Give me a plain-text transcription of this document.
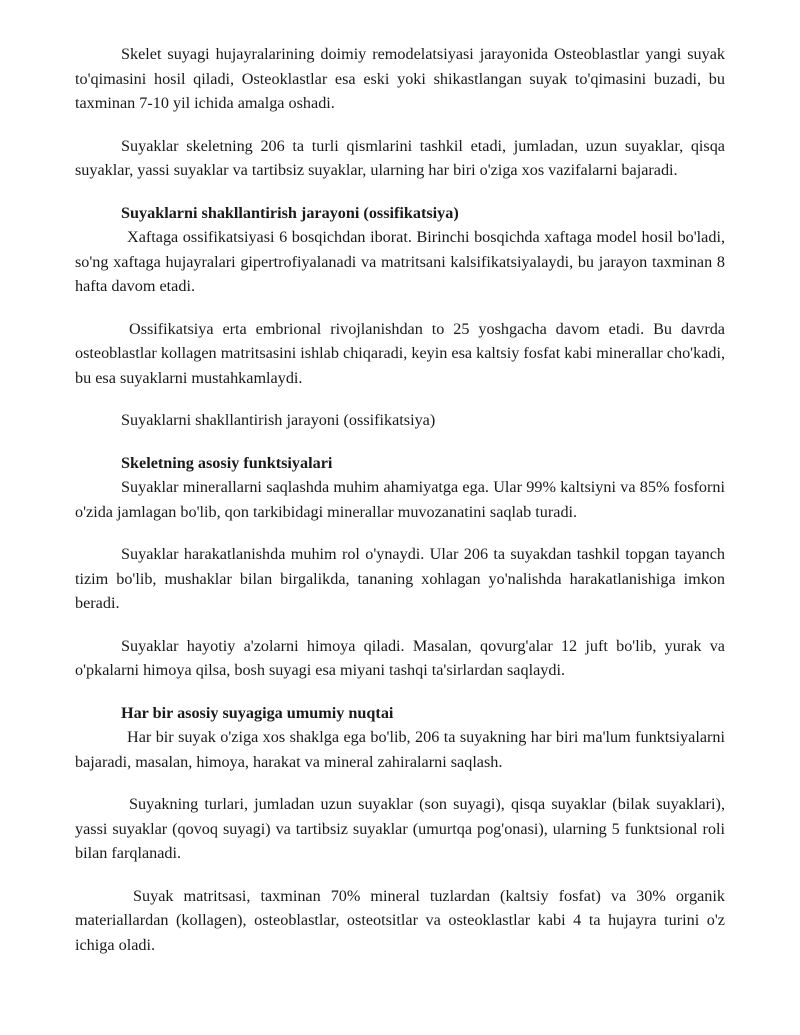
Skelet suyagi hujayralarining doimiy remodelatsiyasi jarayonida Osteoblastlar yangi suyak to'qimasini hosil qiladi, Osteoklastlar esa eski yoki shikastlangan suyak to'qimasini buzadi, bu taxminan 7-10 yil ichida amalga oshadi.

Suyaklar skeletning 206 ta turli qismlarini tashkil etadi, jumladan, uzun suyaklar, qisqa suyaklar, yassi suyaklar va tartibsiz suyaklar, ularning har biri o'ziga xos vazifalarni bajaradi.

Suyaklarni shakllantirish jarayoni (ossifikatsiya)

Xaftaga ossifikatsiyasi 6 bosqichdan iborat. Birinchi bosqichda xaftaga model hosil bo'ladi, so'ng xaftaga hujayralari gipertrofiyalanadi va matritsani kalsifikatsiyalaydi, bu jarayon taxminan 8 hafta davom etadi.

Ossifikatsiya erta embrional rivojlanishdan to 25 yoshgacha davom etadi. Bu davrda osteoblastlar kollagen matritsasini ishlab chiqaradi, keyin esa kaltsiy fosfat kabi minerallar cho'kadi, bu esa suyaklarni mustahkamlaydi.

Suyaklarni shakllantirish jarayoni (ossifikatsiya)

Skeletning asosiy funktsiyalari

Suyaklar minerallarni saqlashda muhim ahamiyatga ega. Ular 99% kaltsiyni va 85% fosforni o'zida jamlagan bo'lib, qon tarkibidagi minerallar muvozanatini saqlab turadi.

Suyaklar harakatlanishda muhim rol o'ynaydi. Ular 206 ta suyakdan tashkil topgan tayanch tizim bo'lib, mushaklar bilan birgalikda, tananing xohlagan yo'nalishda harakatlanishiga imkon beradi.

Suyaklar hayotiy a'zolarni himoya qiladi. Masalan, qovurg'alar 12 juft bo'lib, yurak va o'pkalarni himoya qilsa, bosh suyagi esa miyani tashqi ta'sirlardan saqlaydi.

Har bir asosiy suyagiga umumiy nuqtai

Har bir suyak o'ziga xos shaklga ega bo'lib, 206 ta suyakning har biri ma'lum funktsiyalarni bajaradi, masalan, himoya, harakat va mineral zahiralarni saqlash.

Suyakning turlari, jumladan uzun suyaklar (son suyagi), qisqa suyaklar (bilak suyaklari), yassi suyaklar (qovoq suyagi) va tartibsiz suyaklar (umurtqa pog'onasi), ularning 5 funktsional roli bilan farqlanadi.

Suyak matritsasi, taxminan 70% mineral tuzlardan (kaltsiy fosfat) va 30% organik materiallardan (kollagen), osteoblastlar, osteotsitlar va osteoklastlar kabi 4 ta hujayra turini o'z ichiga oladi.
